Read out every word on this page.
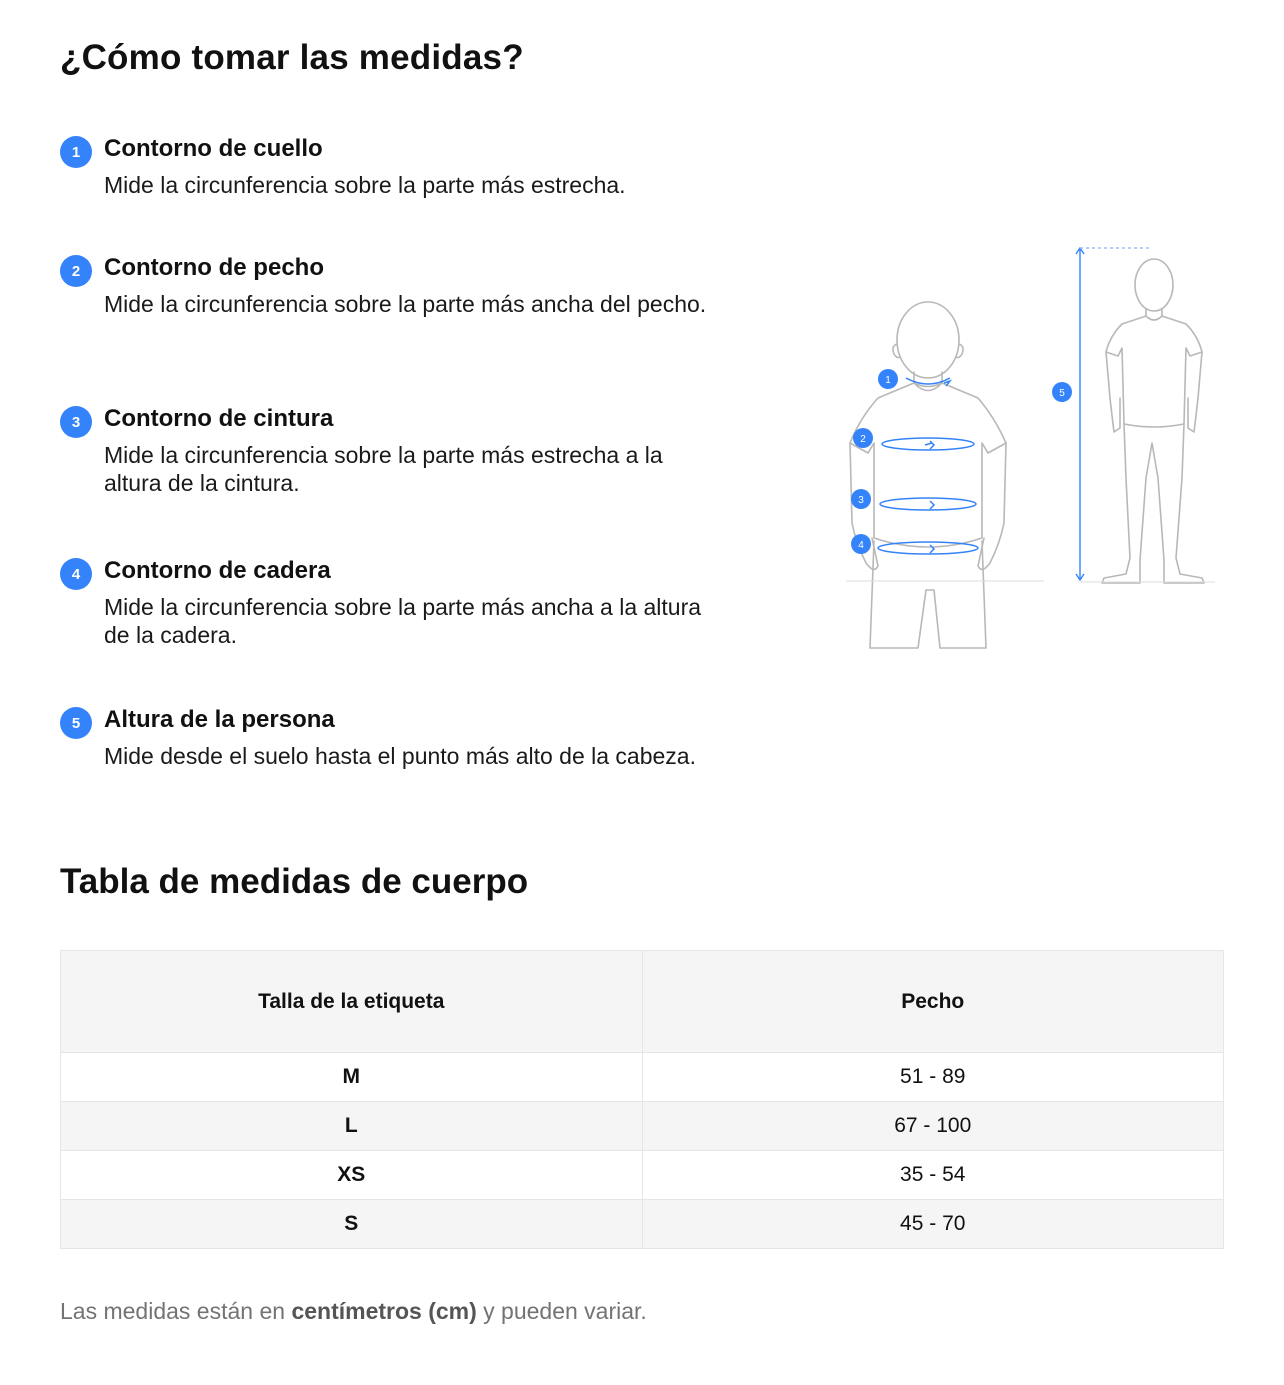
¿Cómo tomar las medidas?
1 Contorno de cuello
Mide la circunferencia sobre la parte más estrecha.
2 Contorno de pecho
Mide la circunferencia sobre la parte más ancha del pecho.
3 Contorno de cintura
Mide la circunferencia sobre la parte más estrecha a la altura de la cintura.
4 Contorno de cadera
Mide la circunferencia sobre la parte más ancha a la altura de la cadera.
5 Altura de la persona
Mide desde el suelo hasta el punto más alto de la cabeza.
1
2
3
4
5
Tabla de medidas de cuerpo
Talla de la etiqueta	Pecho
M	51 - 89
L	67 - 100
XS	35 - 54
S	45 - 70
Las medidas están en centímetros (cm) y pueden variar.
